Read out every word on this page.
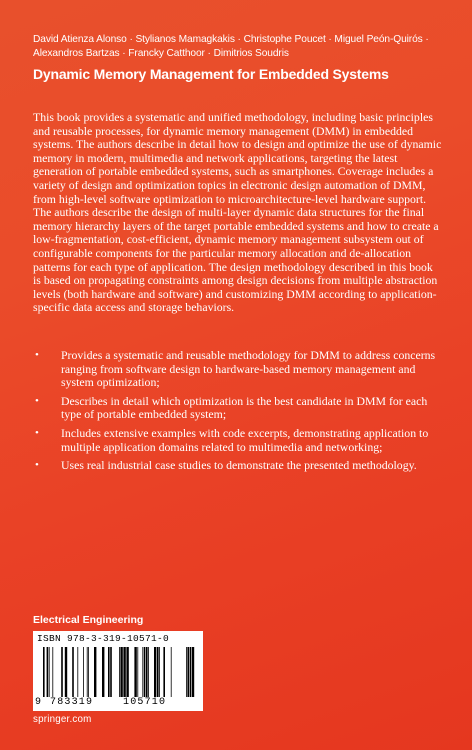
David Atienza Alonso · Stylianos Mamagkakis · Christophe Poucet · Miguel Peón-Quirós · Alexandros Bartzas · Francky Catthoor · Dimitrios Soudris
Dynamic Memory Management for Embedded Systems

This book provides a systematic and unified methodology, including basic principles and reusable processes, for dynamic memory management (DMM) in embedded systems. The authors describe in detail how to design and optimize the use of dynamic memory in modern, multimedia and network applications, targeting the latest generation of portable embedded systems, such as smartphones. Coverage includes a variety of design and optimization topics in electronic design automation of DMM, from high-level software optimization to microarchitecture-level hardware support. The authors describe the design of multi-layer dynamic data structures for the final memory hierarchy layers of the target portable embedded systems and how to create a low-fragmentation, cost-efficient, dynamic memory management subsystem out of configurable components for the particular memory allocation and de-allocation patterns for each type of application. The design methodology described in this book is based on propagating constraints among design decisions from multiple abstraction levels (both hardware and software) and customizing DMM according to application-specific data access and storage behaviors.

• Provides a systematic and reusable methodology for DMM to address concerns ranging from software design to hardware-based memory management and system optimization;
• Describes in detail which optimization is the best candidate in DMM for each type of portable embedded system;
• Includes extensive examples with code excerpts, demonstrating application to multiple application domains related to multimedia and networking;
• Uses real industrial case studies to demonstrate the presented methodology.
Electrical Engineering
ISBN 978-3-319-10571-0
9 783319	105710
springer.com
